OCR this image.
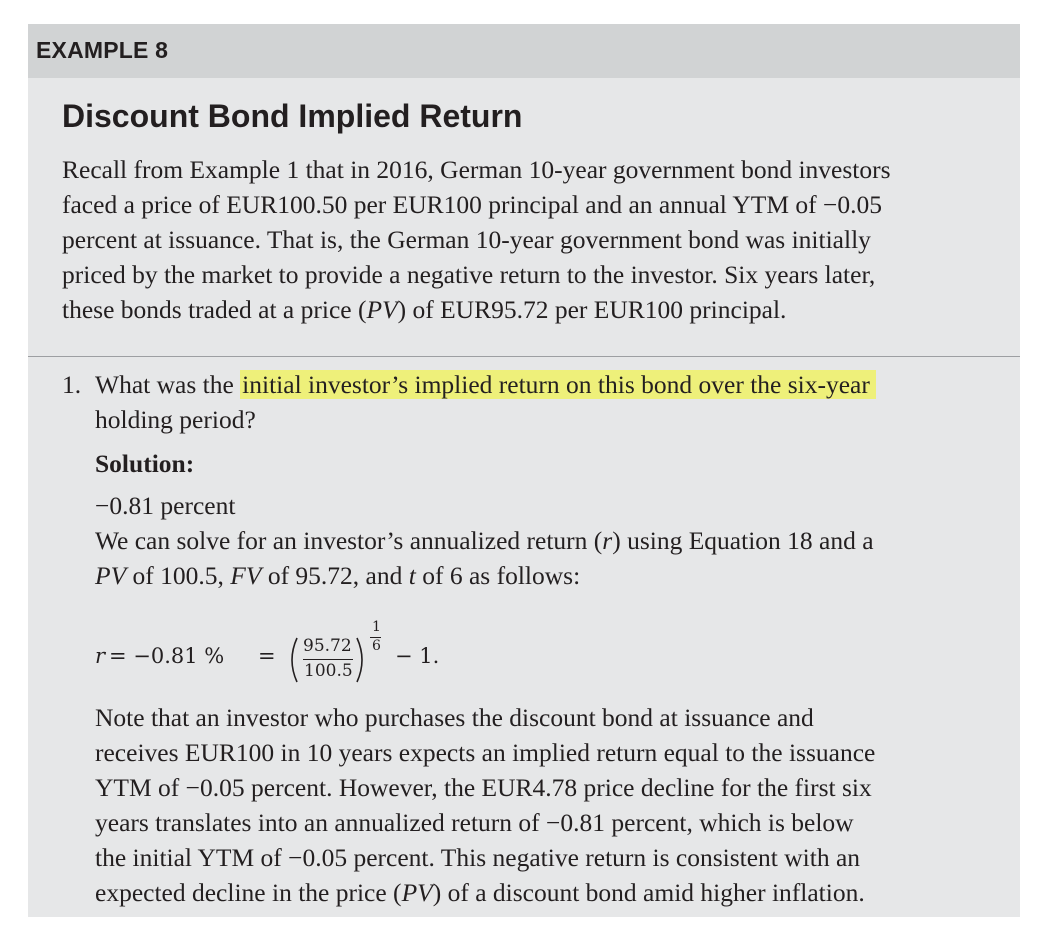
EXAMPLE 8
Discount Bond Implied Return
Recall from Example 1 that in 2016, German 10-year government bond investors
faced a price of EUR100.50 per EUR100 principal and an annual YTM of −0.05
percent at issuance. That is, the German 10-year government bond was initially
priced by the market to provide a negative return to the investor. Six years later,
these bonds traded at a price (PV) of EUR95.72 per EUR100 principal.
1. What was the initial investor’s implied return on this bond over the six-year
holding period?
Solution:
−0.81 percent
We can solve for an investor’s annualized return (r) using Equation 18 and a
PV of 100.5, FV of 95.72, and t of 6 as follows:
r = −0.81 % = 95.72
100.5
1
6 − 1.
Note that an investor who purchases the discount bond at issuance and
receives EUR100 in 10 years expects an implied return equal to the issuance
YTM of −0.05 percent. However, the EUR4.78 price decline for the first six
years translates into an annualized return of −0.81 percent, which is below
the initial YTM of −0.05 percent. This negative return is consistent with an
expected decline in the price (PV) of a discount bond amid higher inflation.
